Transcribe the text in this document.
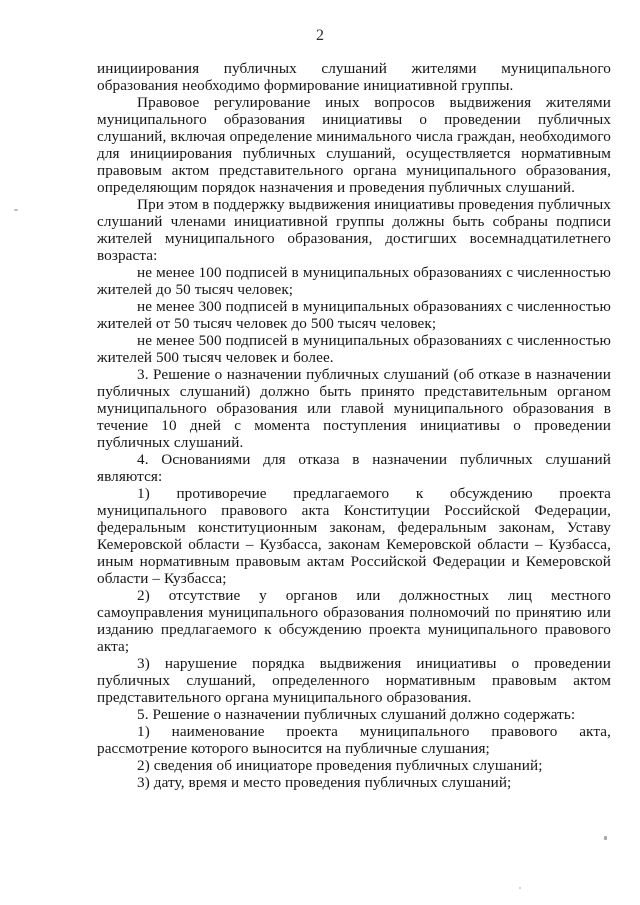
2

инициирования публичных слушаний жителями муниципального образования необходимо формирование инициативной группы.

Правовое регулирование иных вопросов выдвижения жителями муниципального образования инициативы о проведении публичных слушаний, включая определение минимального числа граждан, необходимого для инициирования публичных слушаний, осуществляется нормативным правовым актом представительного органа муниципального образования, определяющим порядок назначения и проведения публичных слушаний.

При этом в поддержку выдвижения инициативы проведения публичных слушаний членами инициативной группы должны быть собраны подписи жителей муниципального образования, достигших восемнадцатилетнего возраста:

не менее 100 подписей в муниципальных образованиях с численностью жителей до 50 тысяч человек;

не менее 300 подписей в муниципальных образованиях с численностью жителей от 50 тысяч человек до 500 тысяч человек;

не менее 500 подписей в муниципальных образованиях с численностью жителей 500 тысяч человек и более.

3. Решение о назначении публичных слушаний (об отказе в назначении публичных слушаний) должно быть принято представительным органом муниципального образования или главой муниципального образования в течение 10 дней с момента поступления инициативы о проведении публичных слушаний.

4. Основаниями для отказа в назначении публичных слушаний являются:

1) противоречие предлагаемого к обсуждению проекта муниципального правового акта Конституции Российской Федерации, федеральным конституционным законам, федеральным законам, Уставу Кемеровской области – Кузбасса, законам Кемеровской области – Кузбасса, иным нормативным правовым актам Российской Федерации и Кемеровской области – Кузбасса;

2) отсутствие у органов или должностных лиц местного самоуправления муниципального образования полномочий по принятию или изданию предлагаемого к обсуждению проекта муниципального правового акта;

3) нарушение порядка выдвижения инициативы о проведении публичных слушаний, определенного нормативным правовым актом представительного органа муниципального образования.

5. Решение о назначении публичных слушаний должно содержать:

1) наименование проекта муниципального правового акта, рассмотрение которого выносится на публичные слушания;

2) сведения об инициаторе проведения публичных слушаний;

3) дату, время и место проведения публичных слушаний;
